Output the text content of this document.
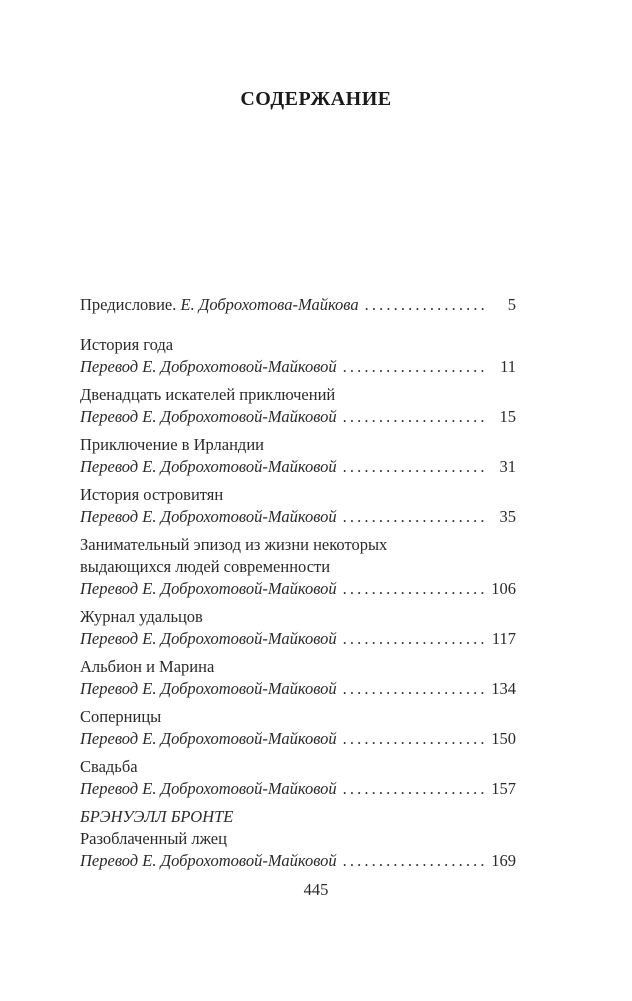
СОДЕРЖАНИЕ
Предисловие.
Е. Доброхотова-Майкова . . .	5
История года
Перевод Е. Доброхотовой-Майковой . . .	11
Двенадцать искателей приключений
Перевод Е. Доброхотовой-Майковой . . .	15
Приключение в Ирландии
Перевод Е. Доброхотовой-Майковой . . .	31
История островитян
Перевод Е. Доброхотовой-Майковой . . .	35
Занимательный эпизод из жизни некоторых
выдающихся людей современности
Перевод Е. Доброхотовой-Майковой . . .	106
Журнал удальцов
Перевод Е. Доброхотовой-Майковой . . .	117
Альбион и Марина
Перевод Е. Доброхотовой-Майковой . . .	134
Соперницы
Перевод Е. Доброхотовой-Майковой . . .	150
Свадьба
Перевод Е. Доброхотовой-Майковой . . .	157
БРЭНУЭЛЛ БРОНТЕ
Разоблаченный лжец
Перевод Е. Доброхотовой-Майковой . . .	169
445
